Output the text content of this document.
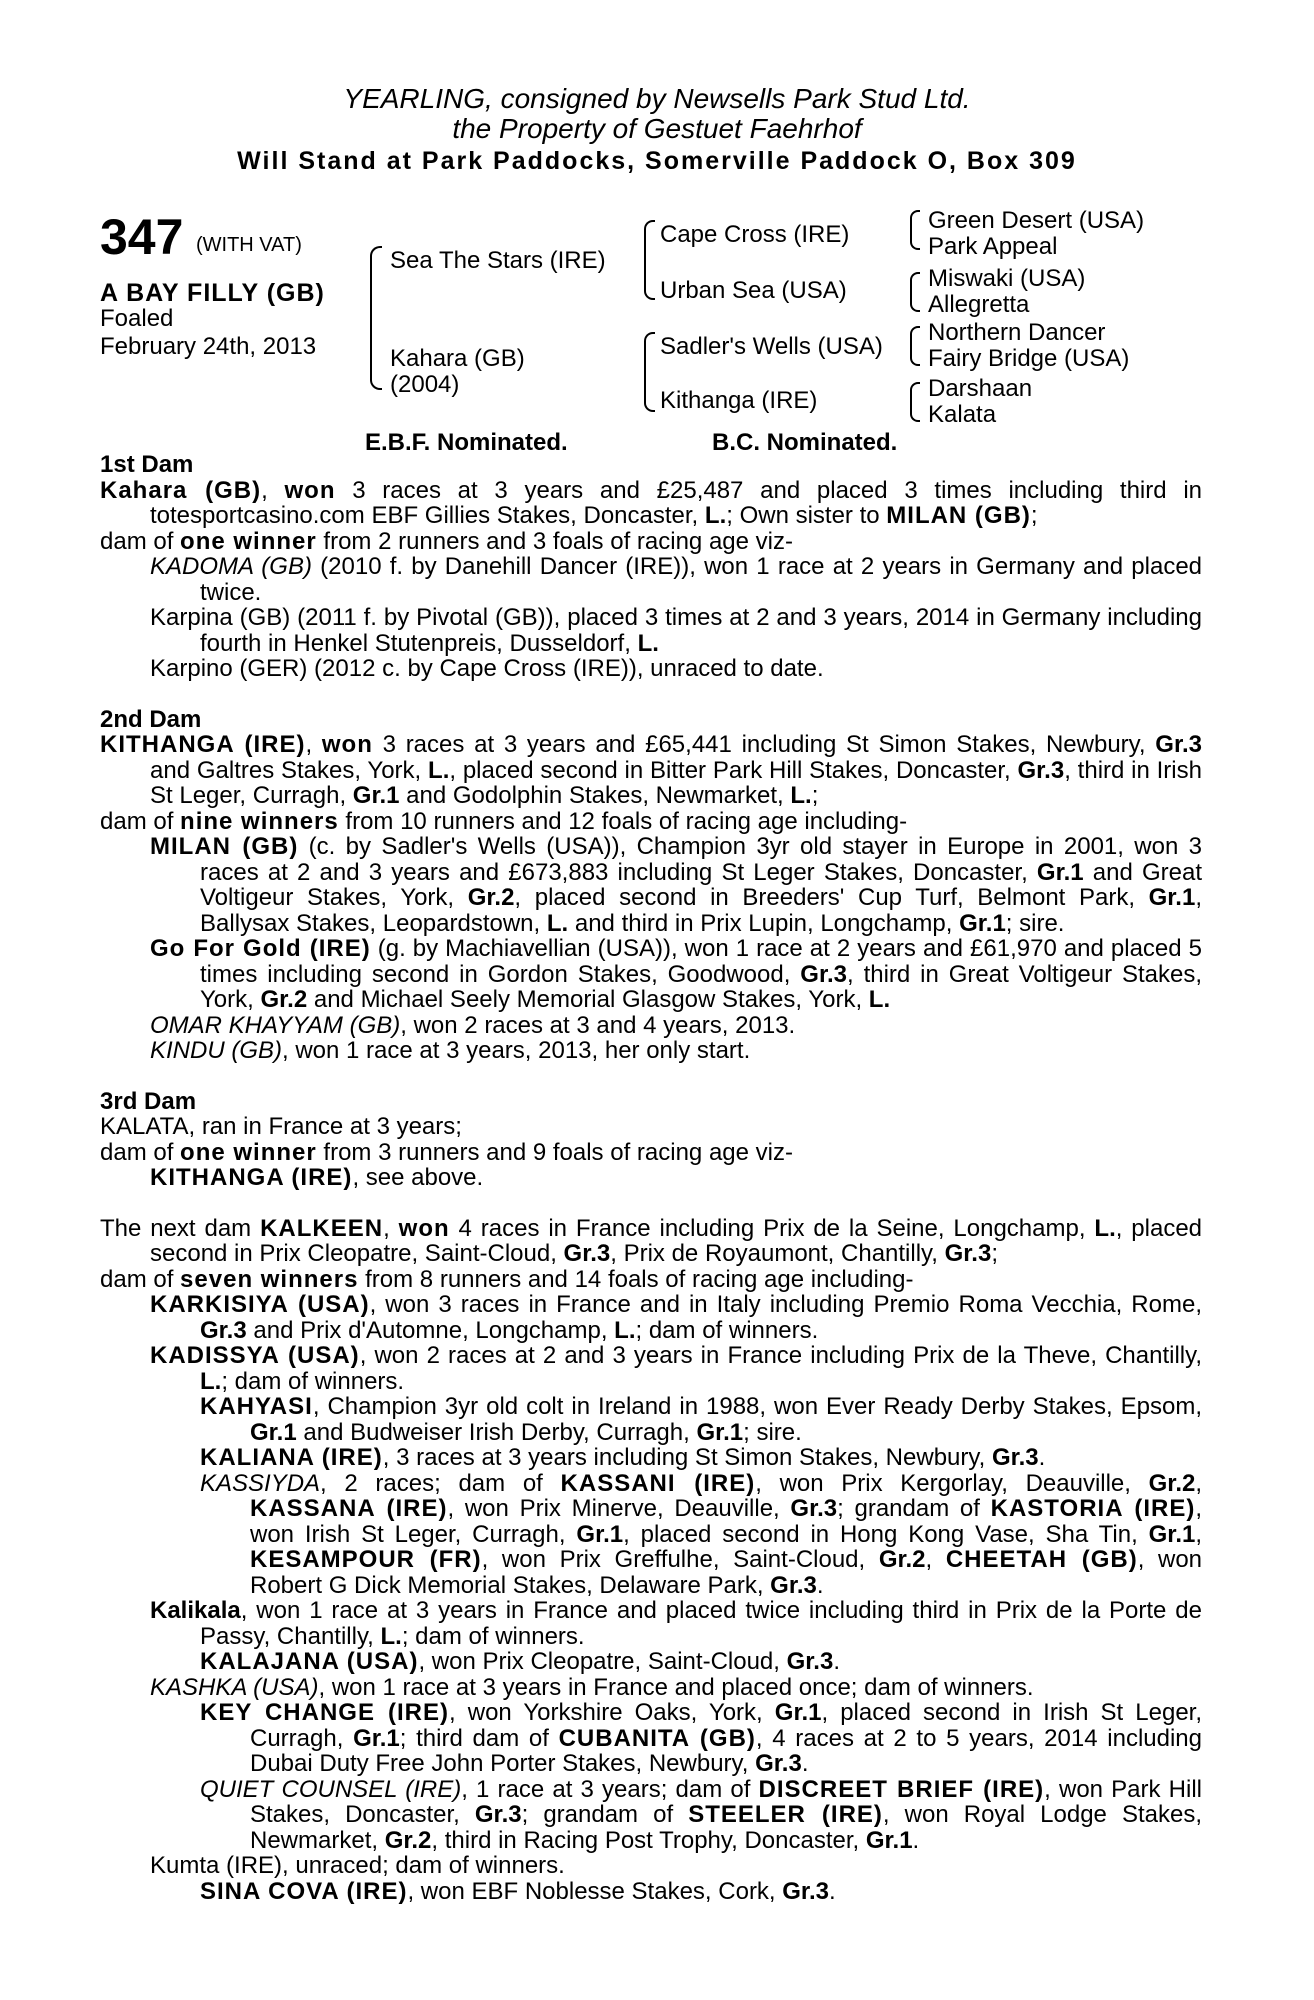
YEARLING, consigned by Newsells Park Stud Ltd.
the Property of Gestuet Faehrhof
Will Stand at Park Paddocks, Somerville Paddock O, Box 309
347 (WITH VAT)
A BAY FILLY (GB)
Foaled
February 24th, 2013
Sea The Stars (IRE)
Kahara (GB)
(2004)
Cape Cross (IRE)
Urban Sea (USA)
Sadler's Wells (USA)
Kithanga (IRE)
Green Desert (USA)
Park Appeal
Miswaki (USA)
Allegretta
Northern Dancer
Fairy Bridge (USA)
Darshaan
Kalata
E.B.F. Nominated.	B.C. Nominated.

1st Dam

Kahara (GB), won 3 races at 3 years and £25,487 and placed 3 times including third in totesportcasino.com EBF Gillies Stakes, Doncaster, L.; Own sister to MILAN (GB);

dam of one winner from 2 runners and 3 foals of racing age viz-

KADOMA (GB) (2010 f. by Danehill Dancer (IRE)), won 1 race at 2 years in Germany and placed twice.

Karpina (GB) (2011 f. by Pivotal (GB)), placed 3 times at 2 and 3 years, 2014 in Germany including fourth in Henkel Stutenpreis, Dusseldorf, L.

Karpino (GER) (2012 c. by Cape Cross (IRE)), unraced to date.

2nd Dam

KITHANGA (IRE), won 3 races at 3 years and £65,441 including St Simon Stakes, Newbury, Gr.3 and Galtres Stakes, York, L., placed second in Bitter Park Hill Stakes, Doncaster, Gr.3, third in Irish St Leger, Curragh, Gr.1 and Godolphin Stakes, Newmarket, L.;

dam of nine winners from 10 runners and 12 foals of racing age including-

MILAN (GB) (c. by Sadler's Wells (USA)), Champion 3yr old stayer in Europe in 2001, won 3 races at 2 and 3 years and £673,883 including St Leger Stakes, Doncaster, Gr.1 and Great Voltigeur Stakes, York, Gr.2, placed second in Breeders' Cup Turf, Belmont Park, Gr.1, Ballysax Stakes, Leopardstown, L. and third in Prix Lupin, Longchamp, Gr.1; sire.

Go For Gold (IRE) (g. by Machiavellian (USA)), won 1 race at 2 years and £61,970 and placed 5 times including second in Gordon Stakes, Goodwood, Gr.3, third in Great Voltigeur Stakes, York, Gr.2 and Michael Seely Memorial Glasgow Stakes, York, L.

OMAR KHAYYAM (GB), won 2 races at 3 and 4 years, 2013.

KINDU (GB), won 1 race at 3 years, 2013, her only start.

3rd Dam

KALATA, ran in France at 3 years;

dam of one winner from 3 runners and 9 foals of racing age viz-

KITHANGA (IRE), see above.

The next dam KALKEEN, won 4 races in France including Prix de la Seine, Longchamp, L., placed second in Prix Cleopatre, Saint-Cloud, Gr.3, Prix de Royaumont, Chantilly, Gr.3;

dam of seven winners from 8 runners and 14 foals of racing age including-

KARKISIYA (USA), won 3 races in France and in Italy including Premio Roma Vecchia, Rome, Gr.3 and Prix d'Automne, Longchamp, L.; dam of winners.

KADISSYA (USA), won 2 races at 2 and 3 years in France including Prix de la Theve, Chantilly, L.; dam of winners.

KAHYASI, Champion 3yr old colt in Ireland in 1988, won Ever Ready Derby Stakes, Epsom, Gr.1 and Budweiser Irish Derby, Curragh, Gr.1; sire.

KALIANA (IRE), 3 races at 3 years including St Simon Stakes, Newbury, Gr.3.

KASSIYDA, 2 races; dam of KASSANI (IRE), won Prix Kergorlay, Deauville, Gr.2, KASSANA (IRE), won Prix Minerve, Deauville, Gr.3; grandam of KASTORIA (IRE), won Irish St Leger, Curragh, Gr.1, placed second in Hong Kong Vase, Sha Tin, Gr.1, KESAMPOUR (FR), won Prix Greffulhe, Saint-Cloud, Gr.2, CHEETAH (GB), won Robert G Dick Memorial Stakes, Delaware Park, Gr.3.

Kalikala, won 1 race at 3 years in France and placed twice including third in Prix de la Porte de Passy, Chantilly, L.; dam of winners.

KALAJANA (USA), won Prix Cleopatre, Saint-Cloud, Gr.3.

KASHKA (USA), won 1 race at 3 years in France and placed once; dam of winners.

KEY CHANGE (IRE), won Yorkshire Oaks, York, Gr.1, placed second in Irish St Leger, Curragh, Gr.1; third dam of CUBANITA (GB), 4 races at 2 to 5 years, 2014 including Dubai Duty Free John Porter Stakes, Newbury, Gr.3.

QUIET COUNSEL (IRE), 1 race at 3 years; dam of DISCREET BRIEF (IRE), won Park Hill Stakes, Doncaster, Gr.3; grandam of STEELER (IRE), won Royal Lodge Stakes, Newmarket, Gr.2, third in Racing Post Trophy, Doncaster, Gr.1.

Kumta (IRE), unraced; dam of winners.

SINA COVA (IRE), won EBF Noblesse Stakes, Cork, Gr.3.
